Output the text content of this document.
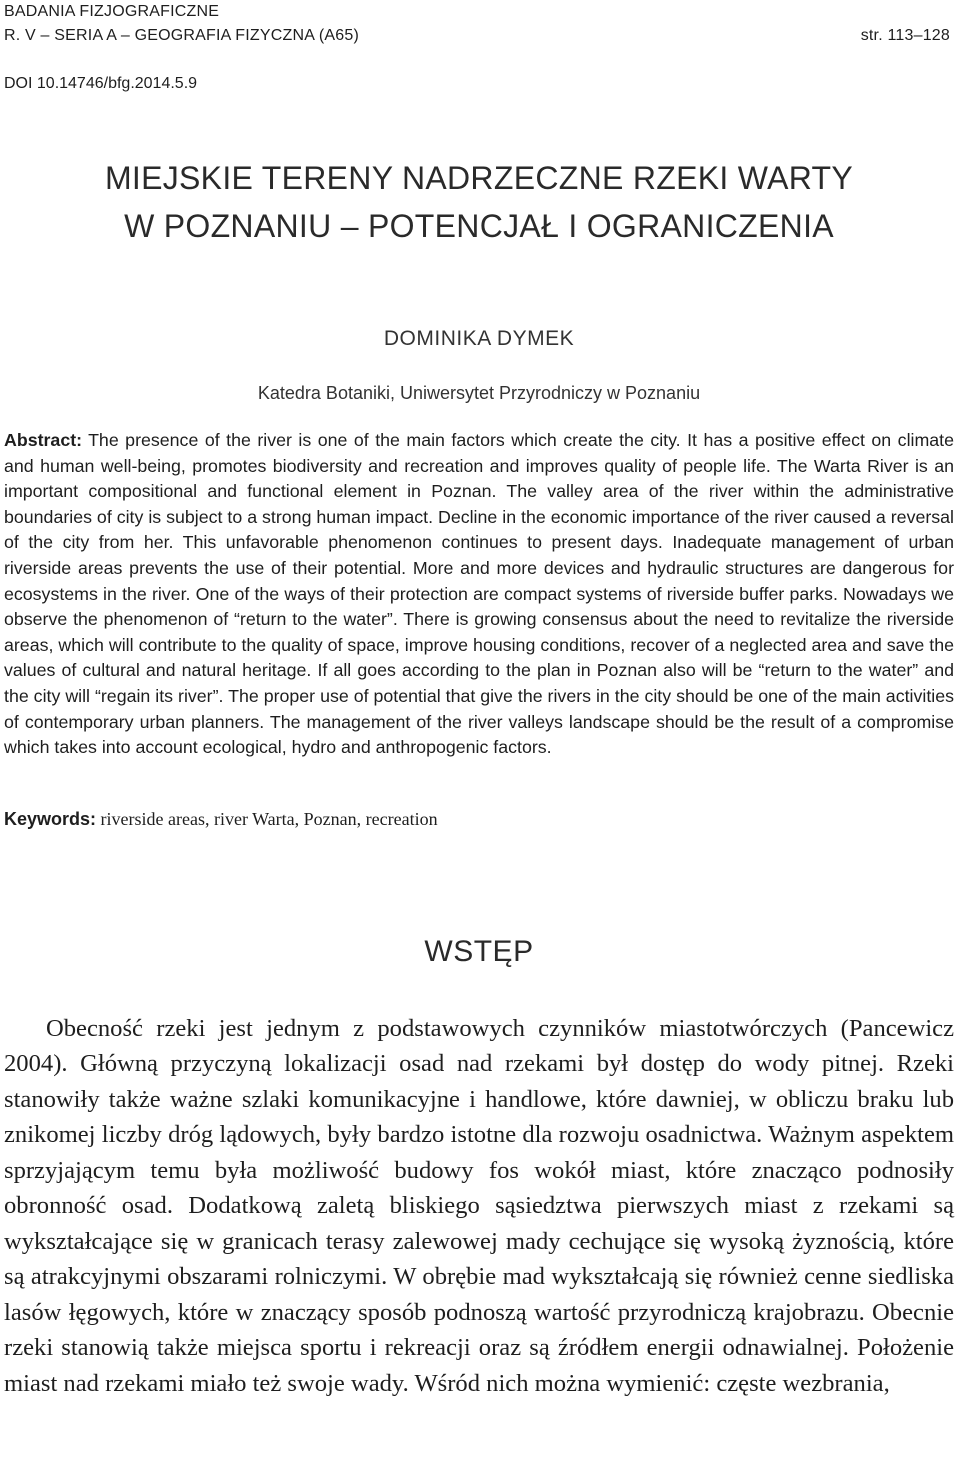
BADANIA FIZJOGRAFICZNE
R. V – SERIA A – GEOGRAFIA FIZYCZNA (A65)	str. 113–128
DOI 10.14746/bfg.2014.5.9
MIEJSKIE TERENY NADRZECZNE RZEKI WARTY
W POZNANIU – POTENCJAŁ I OGRANICZENIA
DOMINIKA DYMEK
Katedra Botaniki, Uniwersytet Przyrodniczy w Poznaniu
Abstract: The presence of the river is one of the main factors which create the city. It has a positive effect on climate and human well-being, promotes biodiversity and recreation and improves quality of people life. The Warta River is an important compositional and functional element in Poznan. The valley area of the river within the administrative boundaries of city is subject to a strong human impact. Decline in the economic importance of the river caused a reversal of the city from her. This unfavorable phenomenon continues to present days. Inadequate management of urban riverside areas prevents the use of their potential. More and more devices and hydraulic structures are dangerous for ecosystems in the river. One of the ways of their protection are compact systems of riverside buffer parks. Nowadays we observe the phenomenon of “return to the water”. There is growing consensus about the need to revitalize the riverside areas, which will contribute to the quality of space, improve housing conditions, recover of a neglected area and save the values of cultural and natural heritage. If all goes according to the plan in Poznan also will be “return to the water” and the city will “regain its river”. The proper use of potential that give the rivers in the city should be one of the main activities of contemporary urban planners. The management of the river valleys landscape should be the result of a compromise which takes into account ecological, hydro and anthropogenic factors.
Keywords: riverside areas, river Warta, Poznan, recreation
WSTĘP
Obecność rzeki jest jednym z podstawowych czynników miastotwórczych (Pancewicz 2004). Główną przyczyną lokalizacji osad nad rzekami był dostęp do wody pitnej. Rzeki stanowiły także ważne szlaki komunikacyjne i handlowe, które dawniej, w obliczu braku lub znikomej liczby dróg lądowych, były bardzo istotne dla rozwoju osadnictwa. Ważnym aspektem sprzyjającym temu była możliwość budowy fos wokół miast, które znacząco podnosiły obronność osad. Dodatkową zaletą bliskiego sąsiedztwa pierwszych miast z rzekami są wykształcające się w granicach terasy zalewowej mady cechujące się wysoką żyznością, które są atrakcyjnymi obszarami rolniczymi. W obrębie mad wykształcają się również cenne siedliska lasów łęgowych, które w znaczący sposób podnoszą wartość przyrodniczą krajobrazu. Obecnie rzeki stanowią także miejsca sportu i rekreacji oraz są źródłem energii odnawialnej. Położenie miast nad rzekami miało też swoje wady. Wśród nich można wymienić: częste wezbrania,
